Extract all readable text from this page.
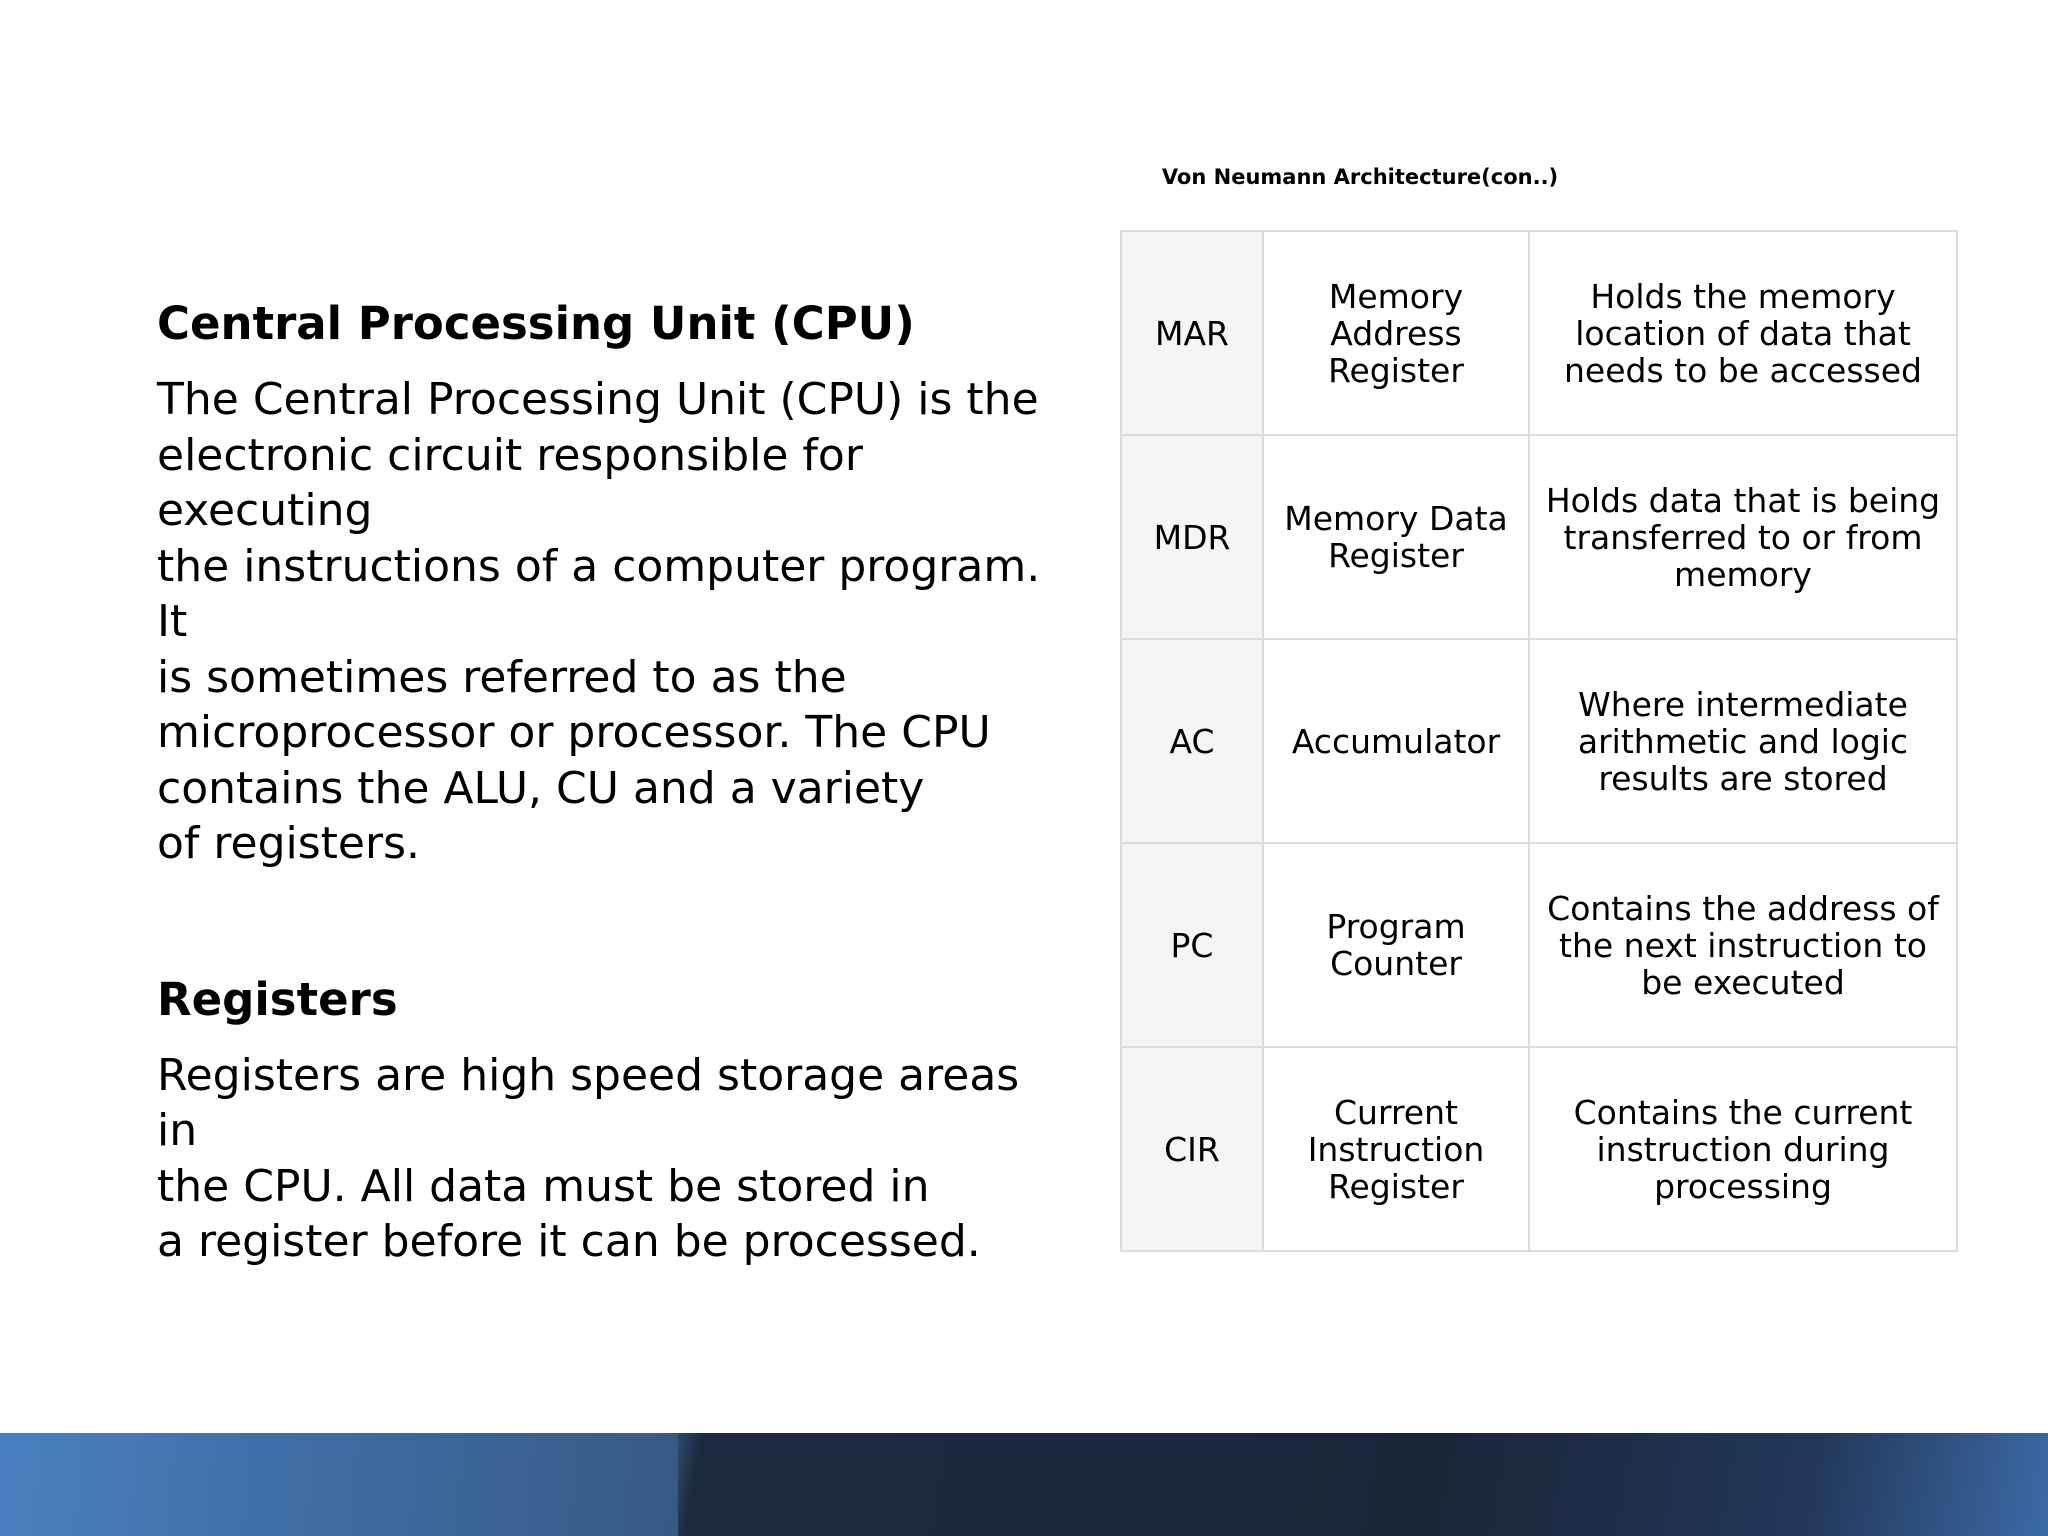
Von Neumann Architecture(con..)
Central Processing Unit (CPU)

The Central Processing Unit (CPU) is the
electronic circuit responsible for executing
the instructions of a computer program. It
is sometimes referred to as the
microprocessor or processor. The CPU
contains the ALU, CU and a variety
of registers.

Registers

Registers are high speed storage areas in
the CPU. All data must be stored in
a register before it can be processed.

MAR	Memory Address Register	Holds the memory location of data that needs to be accessed
MDR	Memory Data Register	Holds data that is being transferred to or from memory
AC	Accumulator	Where intermediate arithmetic and logic results are stored
PC	Program Counter	Contains the address of the next instruction to be executed
CIR	Current Instruction Register	Contains the current instruction during processing
